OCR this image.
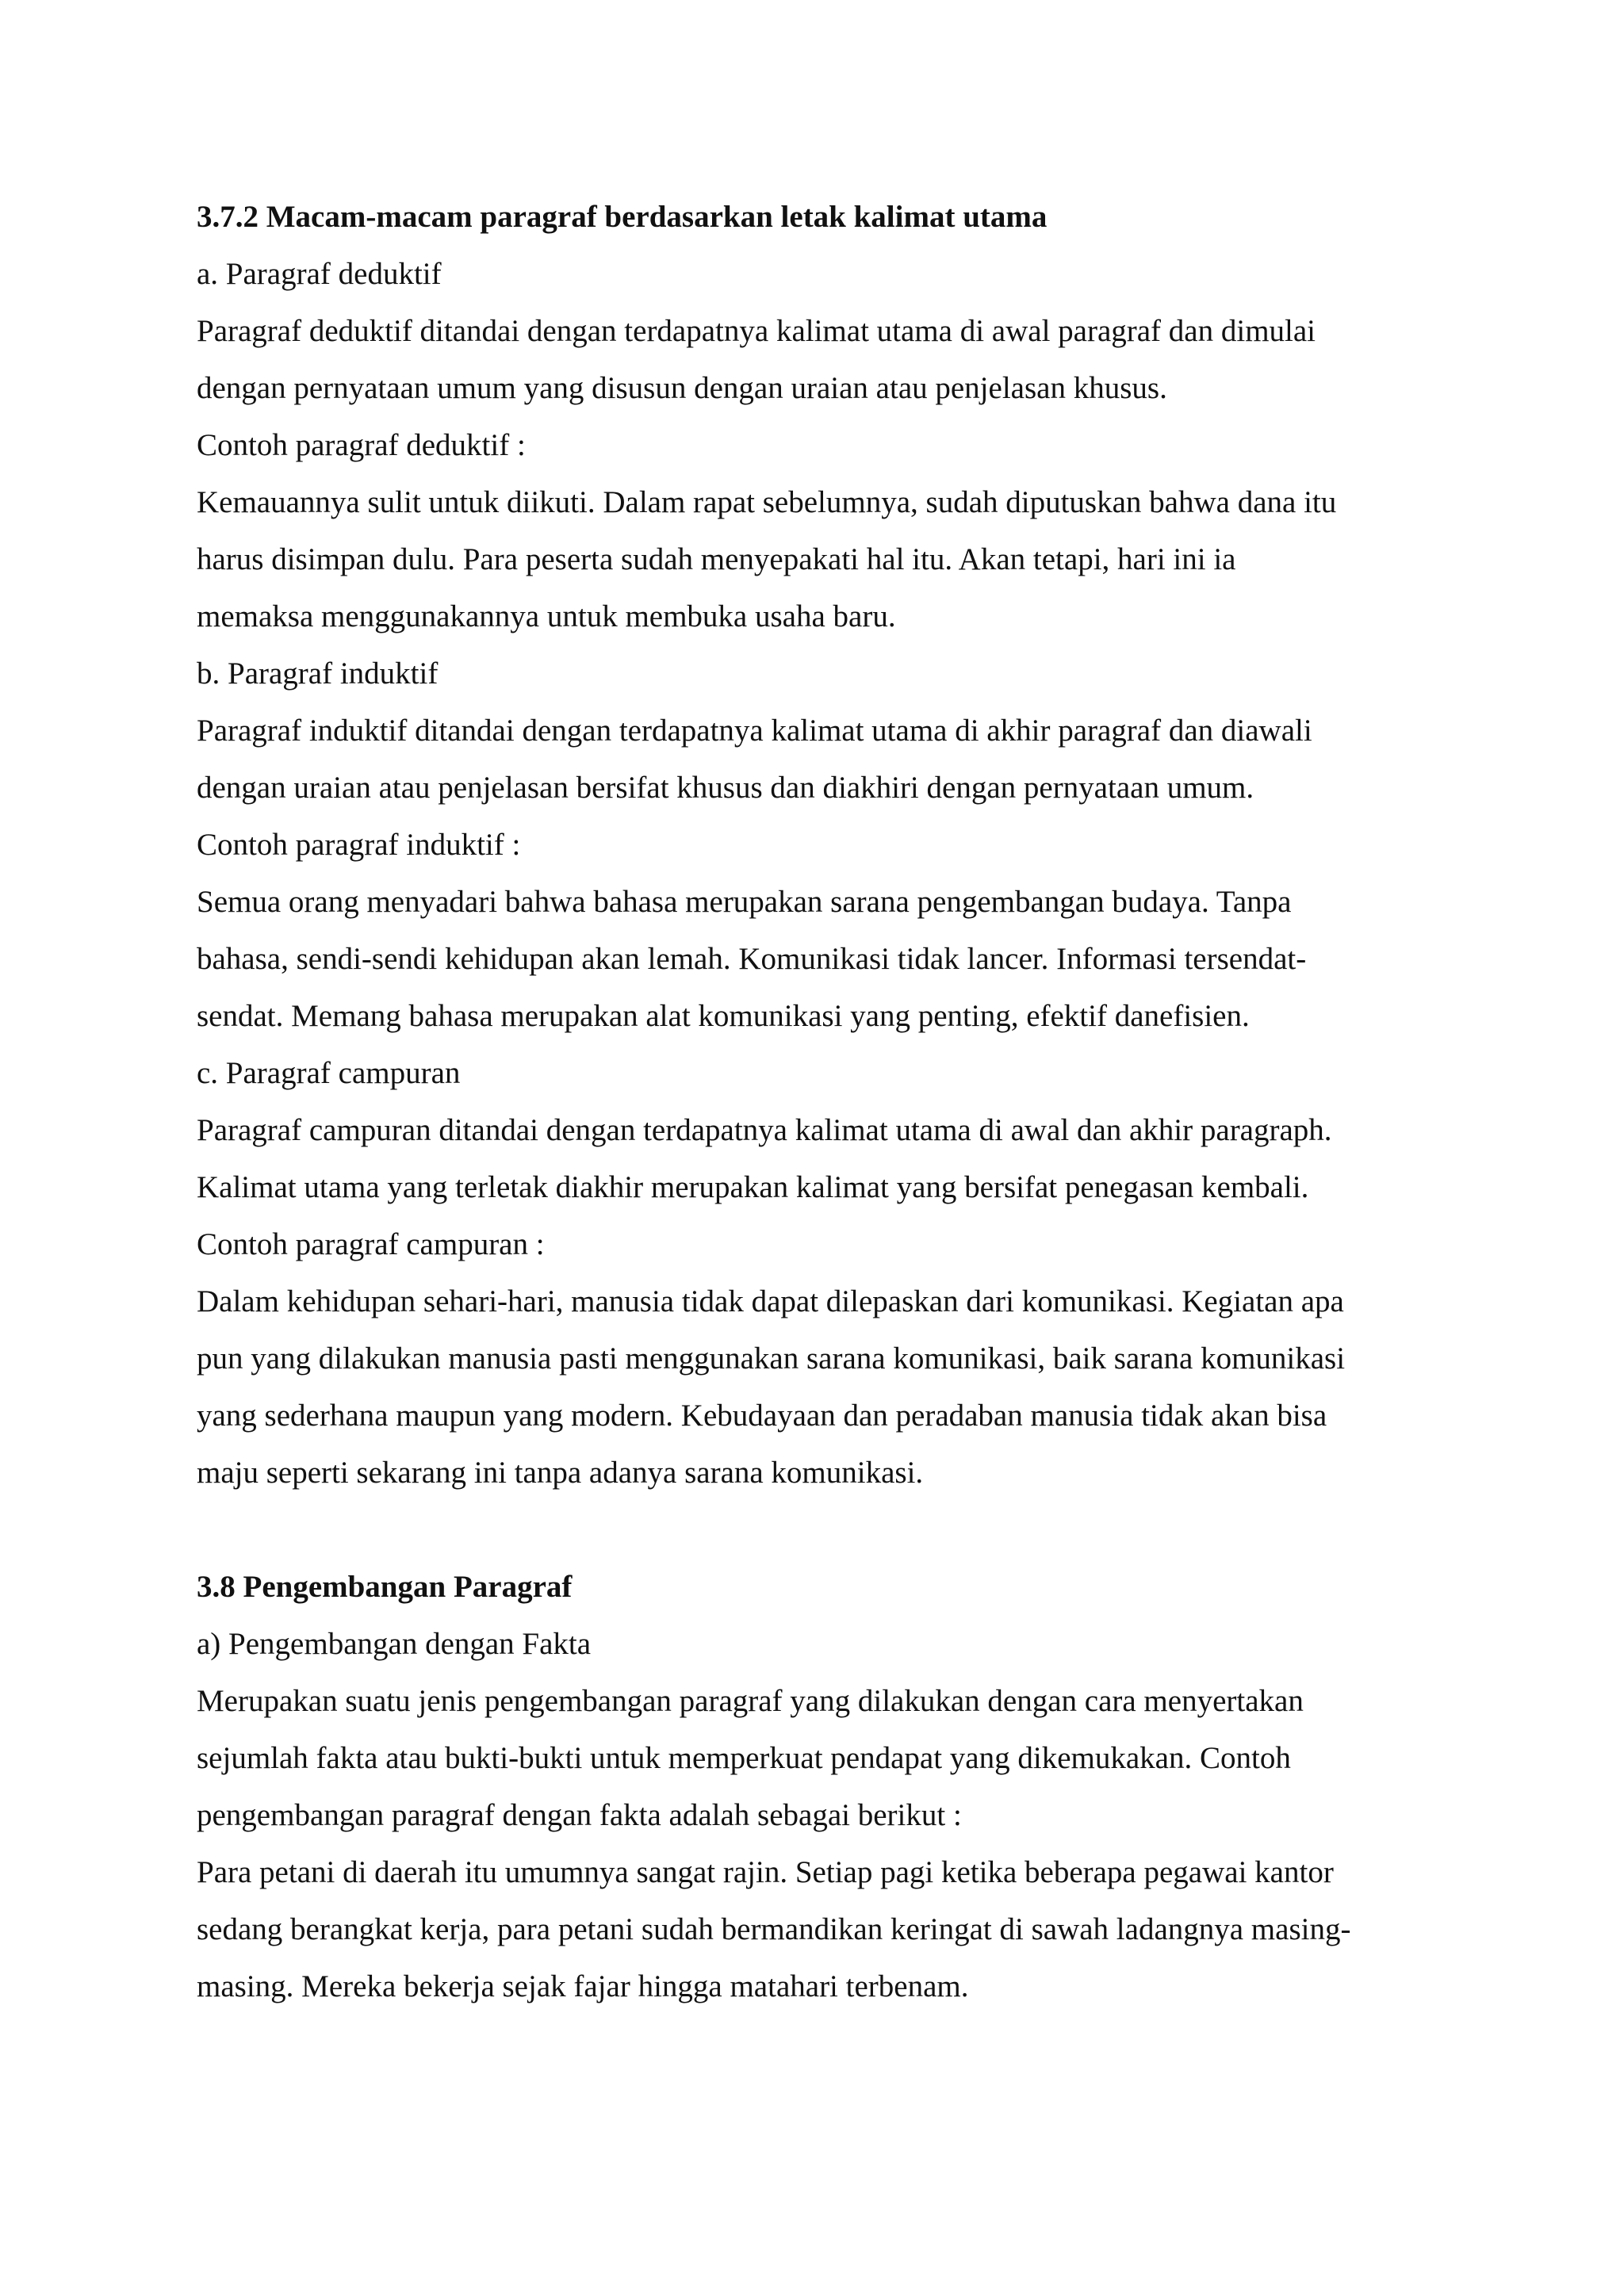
3.7.2 Macam-macam paragraf berdasarkan letak kalimat utama
a. Paragraf deduktif
Paragraf deduktif ditandai dengan terdapatnya kalimat utama di awal paragraf dan dimulai
dengan pernyataan umum yang disusun dengan uraian atau penjelasan khusus.
Contoh paragraf deduktif :
Kemauannya sulit untuk diikuti. Dalam rapat sebelumnya, sudah diputuskan bahwa dana itu
harus disimpan dulu. Para peserta sudah menyepakati hal itu. Akan tetapi, hari ini ia
memaksa menggunakannya untuk membuka usaha baru.
b. Paragraf induktif
Paragraf induktif ditandai dengan terdapatnya kalimat utama di akhir paragraf dan diawali
dengan uraian atau penjelasan bersifat khusus dan diakhiri dengan pernyataan umum.
Contoh paragraf induktif :
Semua orang menyadari bahwa bahasa merupakan sarana pengembangan budaya. Tanpa
bahasa, sendi-sendi kehidupan akan lemah. Komunikasi tidak lancer. Informasi tersendat-
sendat. Memang bahasa merupakan alat komunikasi yang penting, efektif danefisien.
c. Paragraf campuran
Paragraf campuran ditandai dengan terdapatnya kalimat utama di awal dan akhir paragraph.
Kalimat utama yang terletak diakhir merupakan kalimat yang bersifat penegasan kembali.
Contoh paragraf campuran :
Dalam kehidupan sehari-hari, manusia tidak dapat dilepaskan dari komunikasi. Kegiatan apa
pun yang dilakukan manusia pasti menggunakan sarana komunikasi, baik sarana komunikasi
yang sederhana maupun yang modern. Kebudayaan dan peradaban manusia tidak akan bisa
maju seperti sekarang ini tanpa adanya sarana komunikasi.
3.8 Pengembangan Paragraf
a) Pengembangan dengan Fakta
Merupakan suatu jenis pengembangan paragraf yang dilakukan dengan cara menyertakan
sejumlah fakta atau bukti-bukti untuk memperkuat pendapat yang dikemukakan. Contoh
pengembangan paragraf dengan fakta adalah sebagai berikut :
Para petani di daerah itu umumnya sangat rajin. Setiap pagi ketika beberapa pegawai kantor
sedang berangkat kerja, para petani sudah bermandikan keringat di sawah ladangnya masing-
masing. Mereka bekerja sejak fajar hingga matahari terbenam.
